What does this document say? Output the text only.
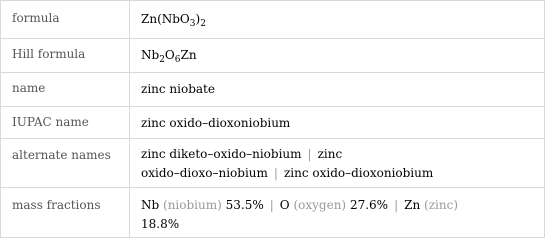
formula	$Zn(NbO_3)_2$
Hill formula	$Nb_2O_6Zn$
name	zinc niobate
IUPAC name	zinc oxido–dioxoniobium
alternate names	zinc diketo–oxido–niobium | zinc
oxido–dioxo–niobium | zinc oxido–dioxoniobium
mass fractions	Nb (niobium) 53.5% | O (oxygen) 27.6% | Zn (zinc)
18.8%
